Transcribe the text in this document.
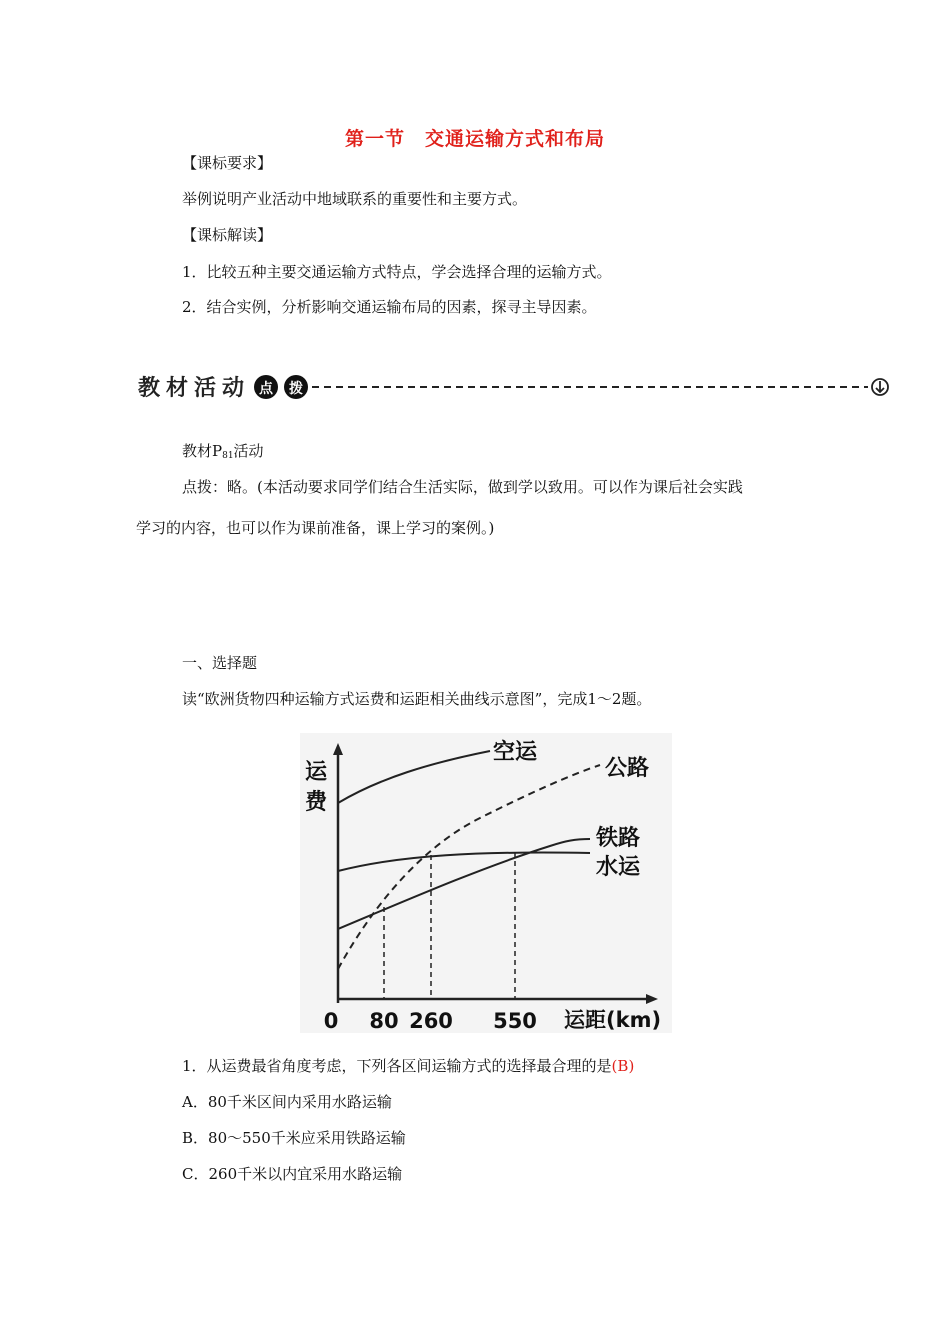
第一节　交通运输方式和布局
【课标要求】
举例说明产业活动中地域联系的重要性和主要方式。
【课标解读】
1．比较五种主要交通运输方式特点，学会选择合理的运输方式。
2．结合实例，分析影响交通运输布局的因素，探寻主导因素。
教 材 活 动 点 拨
教材$P_{81}$活动
点拨：略。(本活动要求同学们结合生活实际，做到学以致用。可以作为课后社会实践
学习的内容，也可以作为课前准备，课上学习的案例。)
一、选择题
读“欧洲货物四种运输方式运费和运距相关曲线示意图”，完成1～2题。
运
费
空运
公路
铁路
水运
0 80 260 550 运距(km)
1．从运费最省角度考虑，下列各区间运输方式的选择最合理的是(B)
A．80千米区间内采用水路运输
B．80～550千米应采用铁路运输
C．260千米以内宜采用水路运输
